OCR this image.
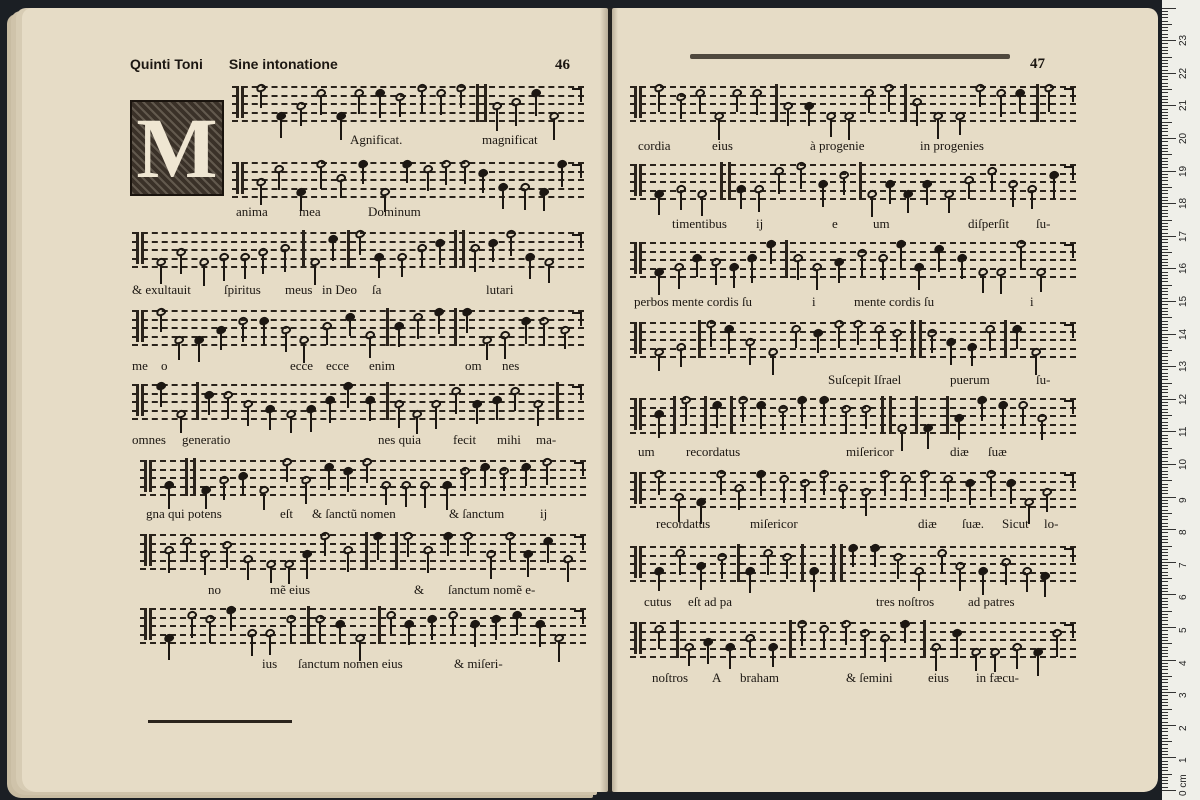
Quinti Toni Sine intonatione	46	47
M	Agnificat.	magnificat
anima mea	Dominum
& exultauit	ſpiritus meus in Deo ſa	lutari
me o	ecce ecce enim	om nes
omnes generatio	nes quia fecit mihi ma-
gna qui potens	eſt & ſanctũ nomen	& ſanctum	ij
no	mẽ eius	& ſanctum nomẽ e-
ius ſanctum nomen eius	& miſeri-
cordia	eius	à progenie	in progenies
timentibus ij	e	um	diſperſit ſu-
perbos mente cordis ſu	i	mente cordis ſu	i
Suſcepit Iſrael	puerum	ſu-
um recordatus	miſericor	diæ ſuæ
recordatus	miſericor	diæ ſuæ. Sicut lo-
cutus eſt ad pa	tres noſtros	ad patres
noſtros A braham	& ſemini	eius in fæcu-
0 cm
1
2
3
4
5
6
7
8
9
10
11
12
13
14
15
16
17
18
19
20
21
22
23
